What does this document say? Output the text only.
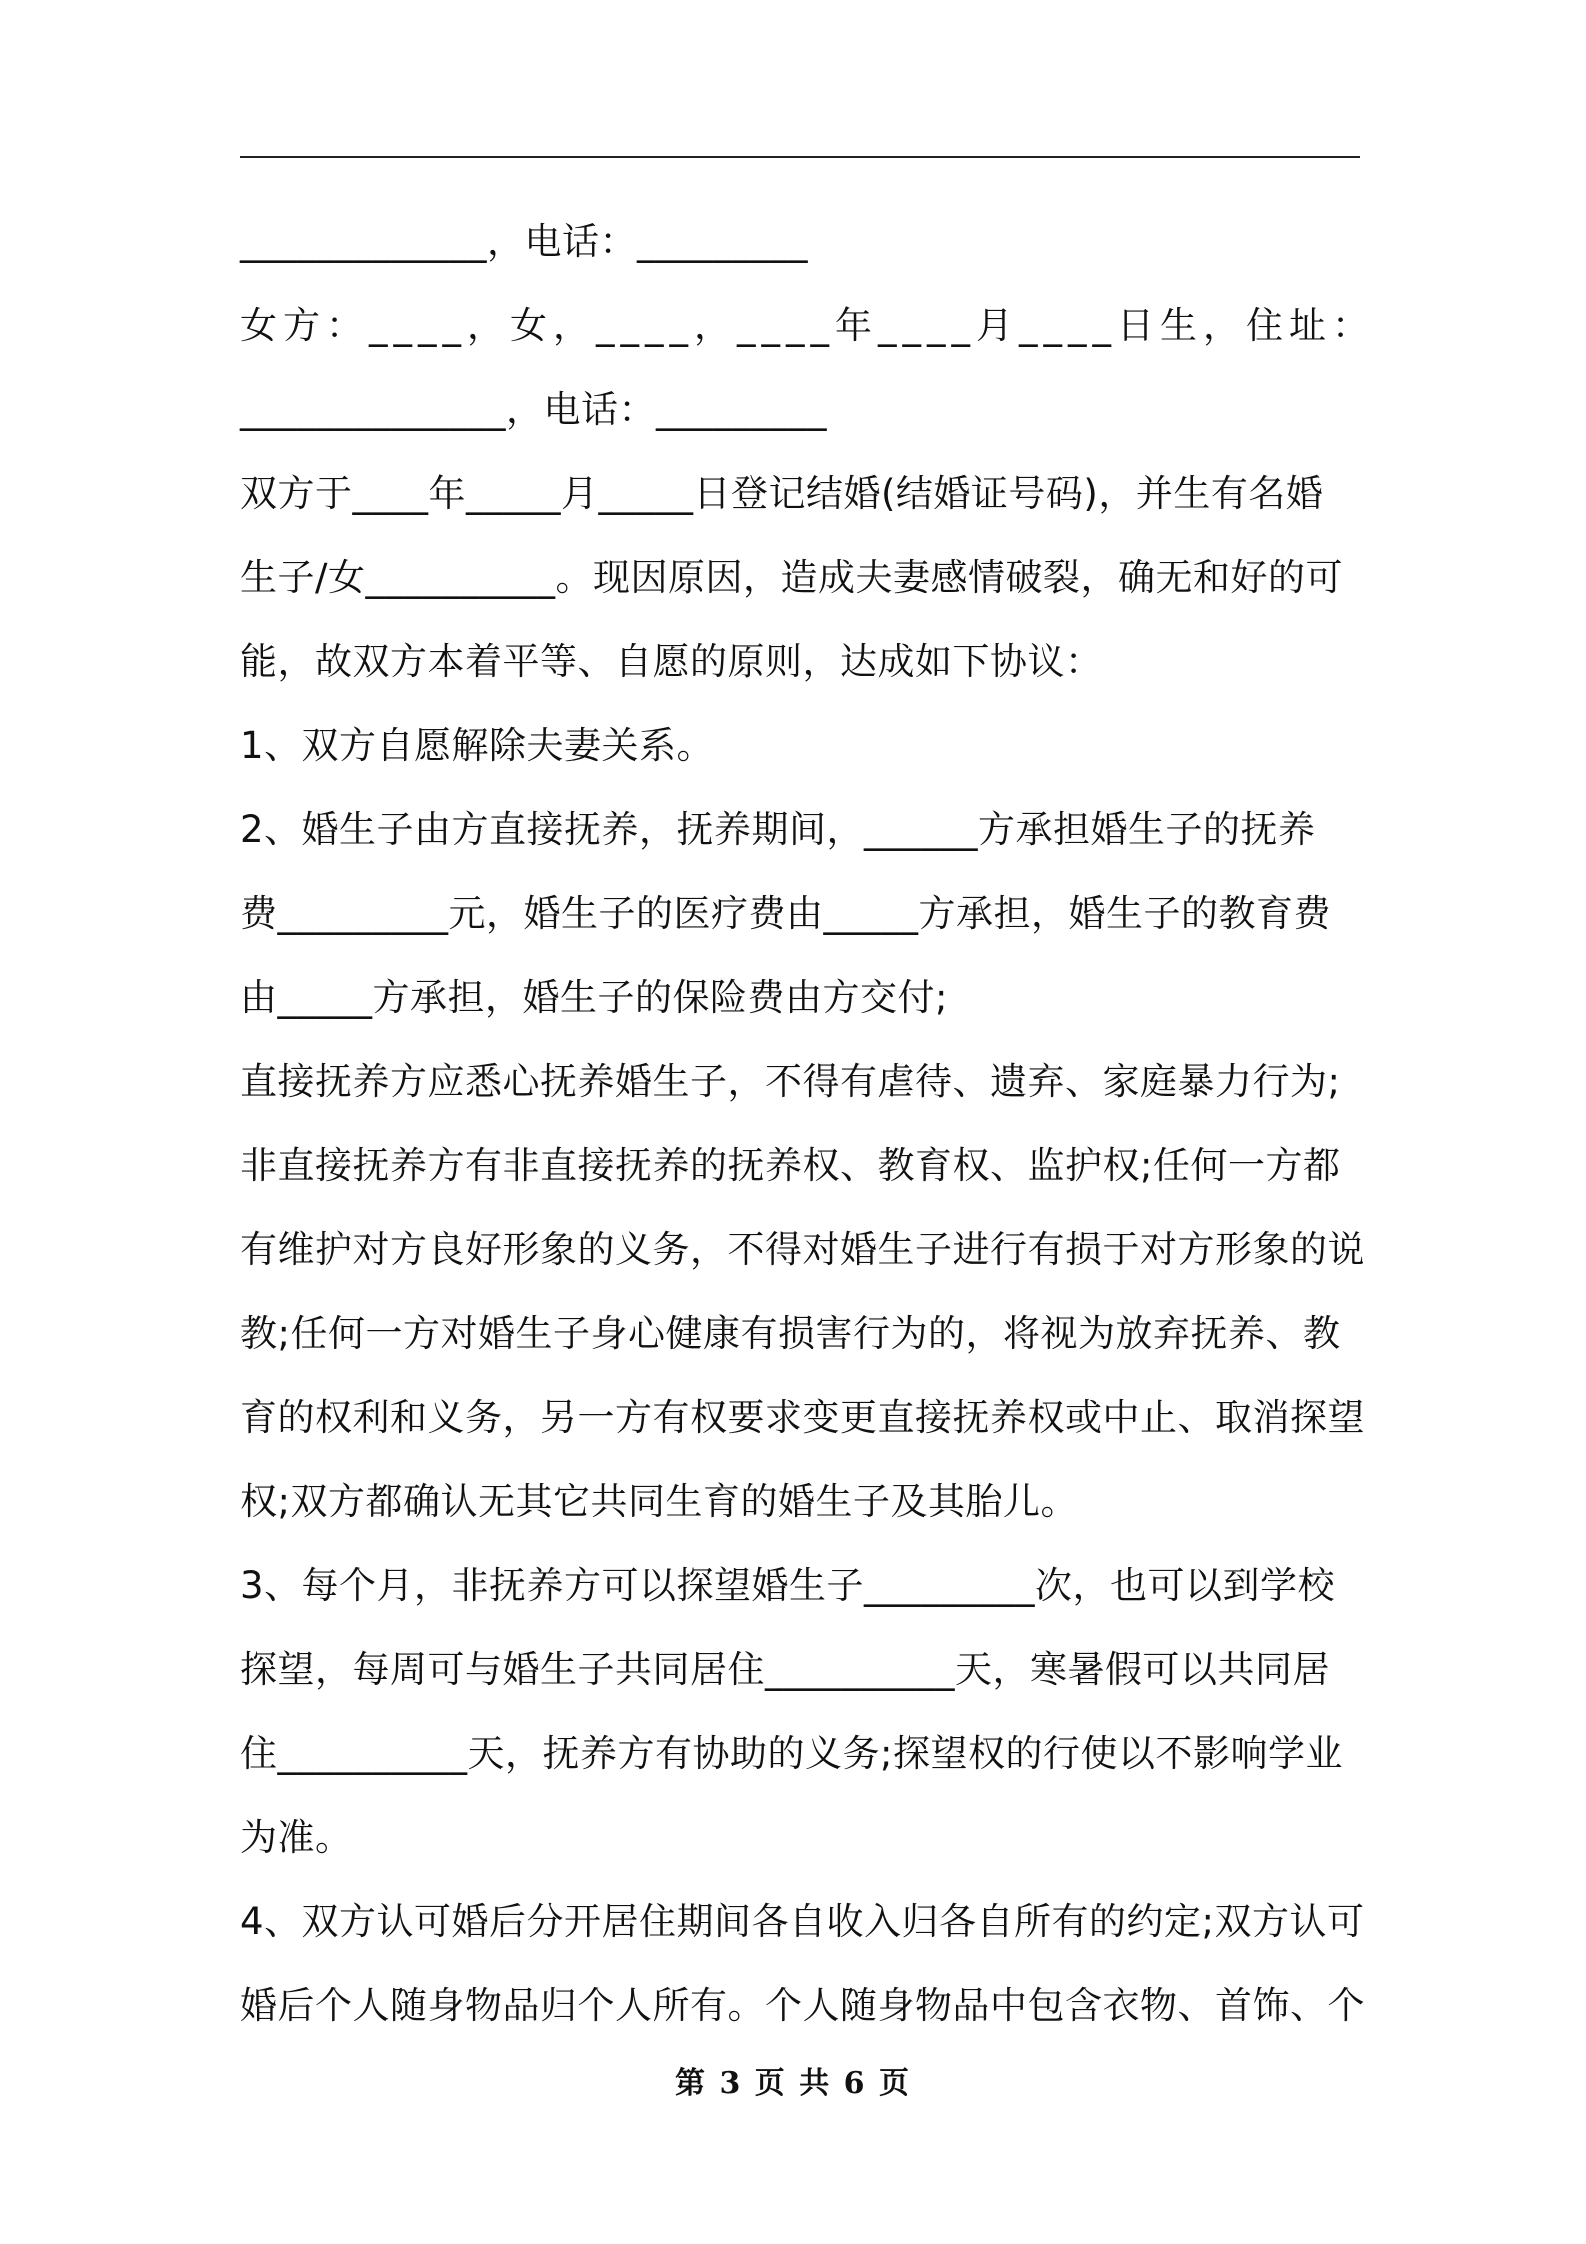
_____________，电话：_________
女方：____，女，____，____年____月____日生，住址：
______________，电话：_________
双方于____年_____月_____日登记结婚(结婚证号码)，并生有名婚
生子/女__________。现因原因，造成夫妻感情破裂，确无和好的可
能，故双方本着平等、自愿的原则，达成如下协议：
1、双方自愿解除夫妻关系。
2、婚生子由方直接抚养，抚养期间，______方承担婚生子的抚养
费_________元，婚生子的医疗费由_____方承担，婚生子的教育费
由_____方承担，婚生子的保险费由方交付;
直接抚养方应悉心抚养婚生子，不得有虐待、遗弃、家庭暴力行为;
非直接抚养方有非直接抚养的抚养权、教育权、监护权;任何一方都
有维护对方良好形象的义务，不得对婚生子进行有损于对方形象的说
教;任何一方对婚生子身心健康有损害行为的，将视为放弃抚养、教
育的权利和义务，另一方有权要求变更直接抚养权或中止、取消探望
权;双方都确认无其它共同生育的婚生子及其胎儿。
3、每个月，非抚养方可以探望婚生子_________次，也可以到学校
探望，每周可与婚生子共同居住__________天，寒暑假可以共同居
住__________天，抚养方有协助的义务;探望权的行使以不影响学业
为准。
4、双方认可婚后分开居住期间各自收入归各自所有的约定;双方认可
婚后个人随身物品归个人所有。个人随身物品中包含衣物、首饰、个
第 3 页 共 6 页
